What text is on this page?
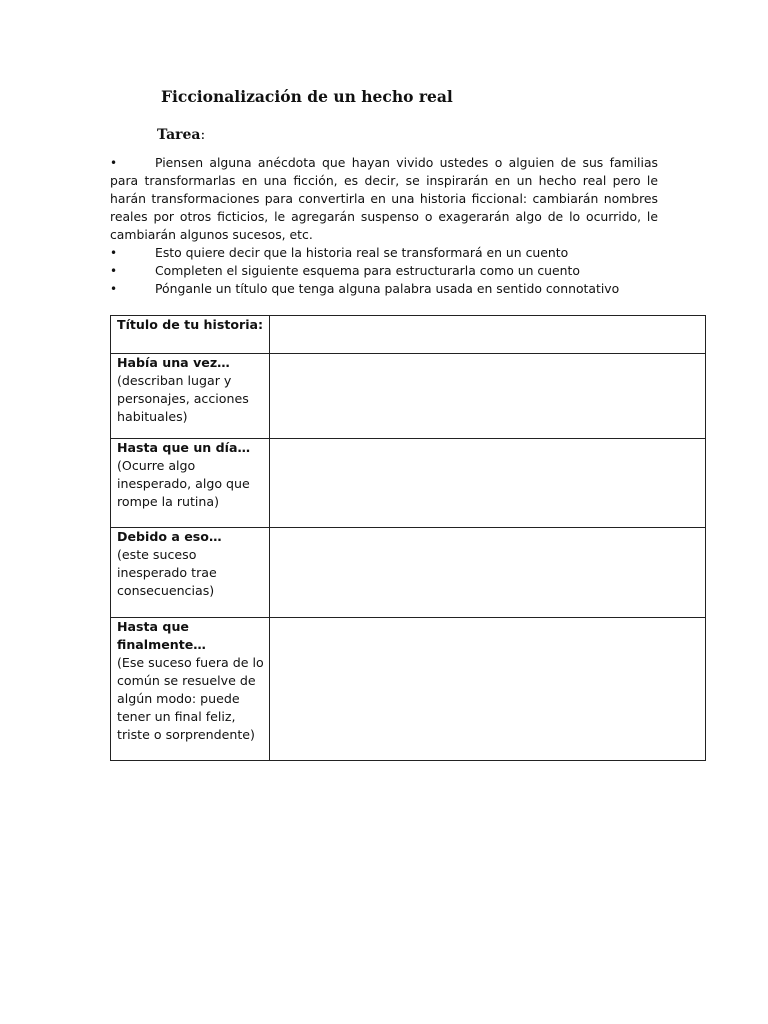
Ficcionalización de un hecho real

Tarea:

•	Piensen alguna anécdota que hayan vivido ustedes o alguien de sus familias para transformarlas en una ficción, es decir, se inspirarán en un hecho real pero le harán transformaciones para convertirla en una historia ficcional: cambiarán nombres reales por otros ficticios, le agregarán suspenso o exagerarán algo de lo ocurrido, le cambiarán algunos sucesos, etc.
•	Esto quiere decir que la historia real se transformará en un cuento
•	Completen el siguiente esquema para estructurarla como un cuento
•	Pónganle un título que tenga alguna palabra usada en sentido connotativo
Título de tu historia:	

Había una vez…
(describan lugar y personajes, acciones habituales)	

Hasta que un día…
(Ocurre algo inesperado, algo que rompe la rutina)	

Debido a eso…
(este suceso inesperado trae consecuencias)	

Hasta que finalmente…
(Ese suceso fuera de lo común se resuelve de algún modo: puede tener un final feliz, triste o sorprendente)	
